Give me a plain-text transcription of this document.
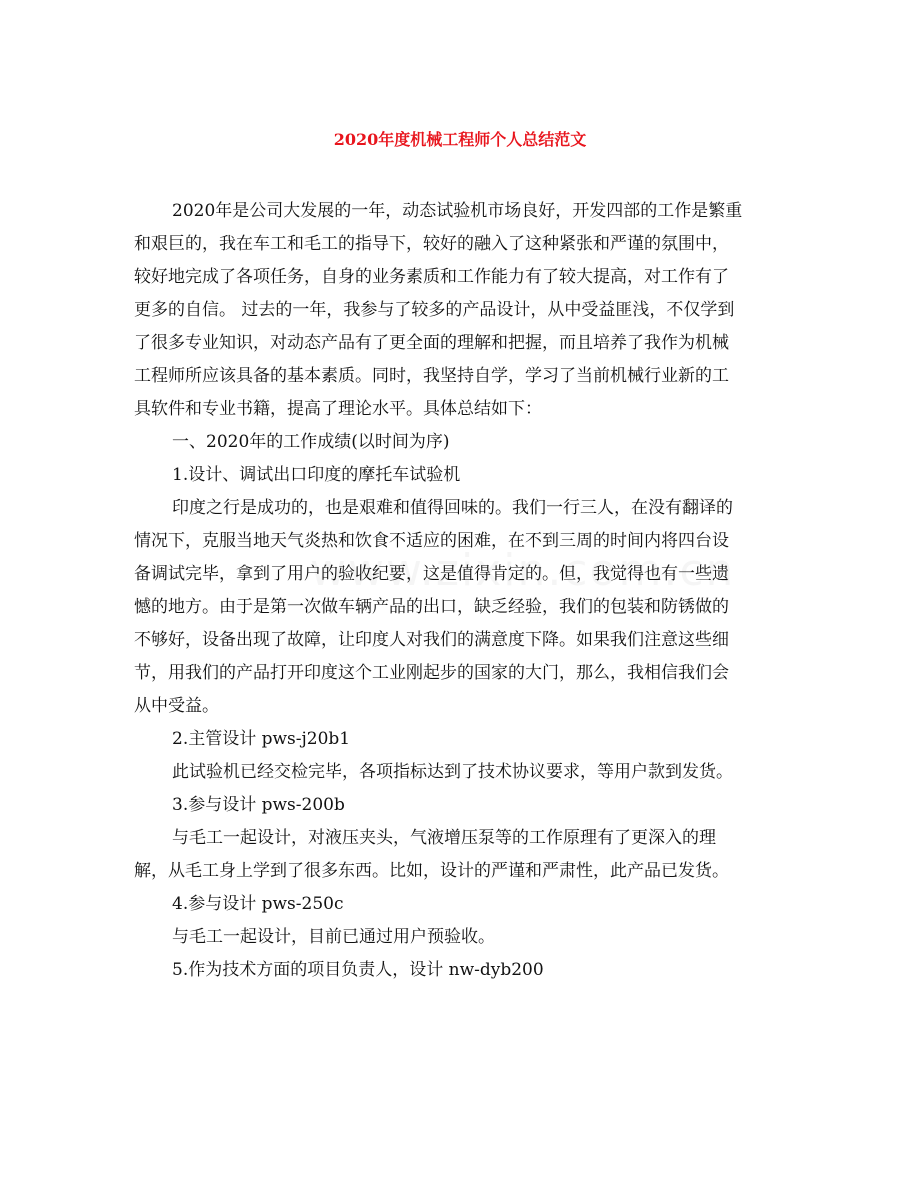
2020年度机械工程师个人总结范文

2020年是公司大发展的一年，动态试验机市场良好，开发四部的工作是繁重
和艰巨的，我在车工和毛工的指导下，较好的融入了这种紧张和严谨的氛围中，
较好地完成了各项任务，自身的业务素质和工作能力有了较大提高，对工作有了
更多的自信。 过去的一年，我参与了较多的产品设计，从中受益匪浅，不仅学到
了很多专业知识，对动态产品有了更全面的理解和把握，而且培养了我作为机械
工程师所应该具备的基本素质。同时，我坚持自学，学习了当前机械行业新的工
具软件和专业书籍，提高了理论水平。具体总结如下：

一、2020年的工作成绩(以时间为序)

1.设计、调试出口印度的摩托车试验机

印度之行是成功的，也是艰难和值得回味的。我们一行三人，在没有翻译的
情况下，克服当地天气炎热和饮食不适应的困难，在不到三周的时间内将四台设
备调试完毕，拿到了用户的验收纪要，这是值得肯定的。但，我觉得也有一些遗
憾的地方。由于是第一次做车辆产品的出口，缺乏经验，我们的包装和防锈做的
不够好，设备出现了故障，让印度人对我们的满意度下降。如果我们注意这些细
节，用我们的产品打开印度这个工业刚起步的国家的大门，那么，我相信我们会
从中受益。

2.主管设计 pws-j20b1

此试验机已经交检完毕，各项指标达到了技术协议要求，等用户款到发货。

3.参与设计 pws-200b

与毛工一起设计，对液压夹头，气液增压泵等的工作原理有了更深入的理
解，从毛工身上学到了很多东西。比如，设计的严谨和严肃性，此产品已发货。

4.参与设计 pws-250c

与毛工一起设计，目前已通过用户预验收。

5.作为技术方面的项目负责人，设计 nw-dyb200
